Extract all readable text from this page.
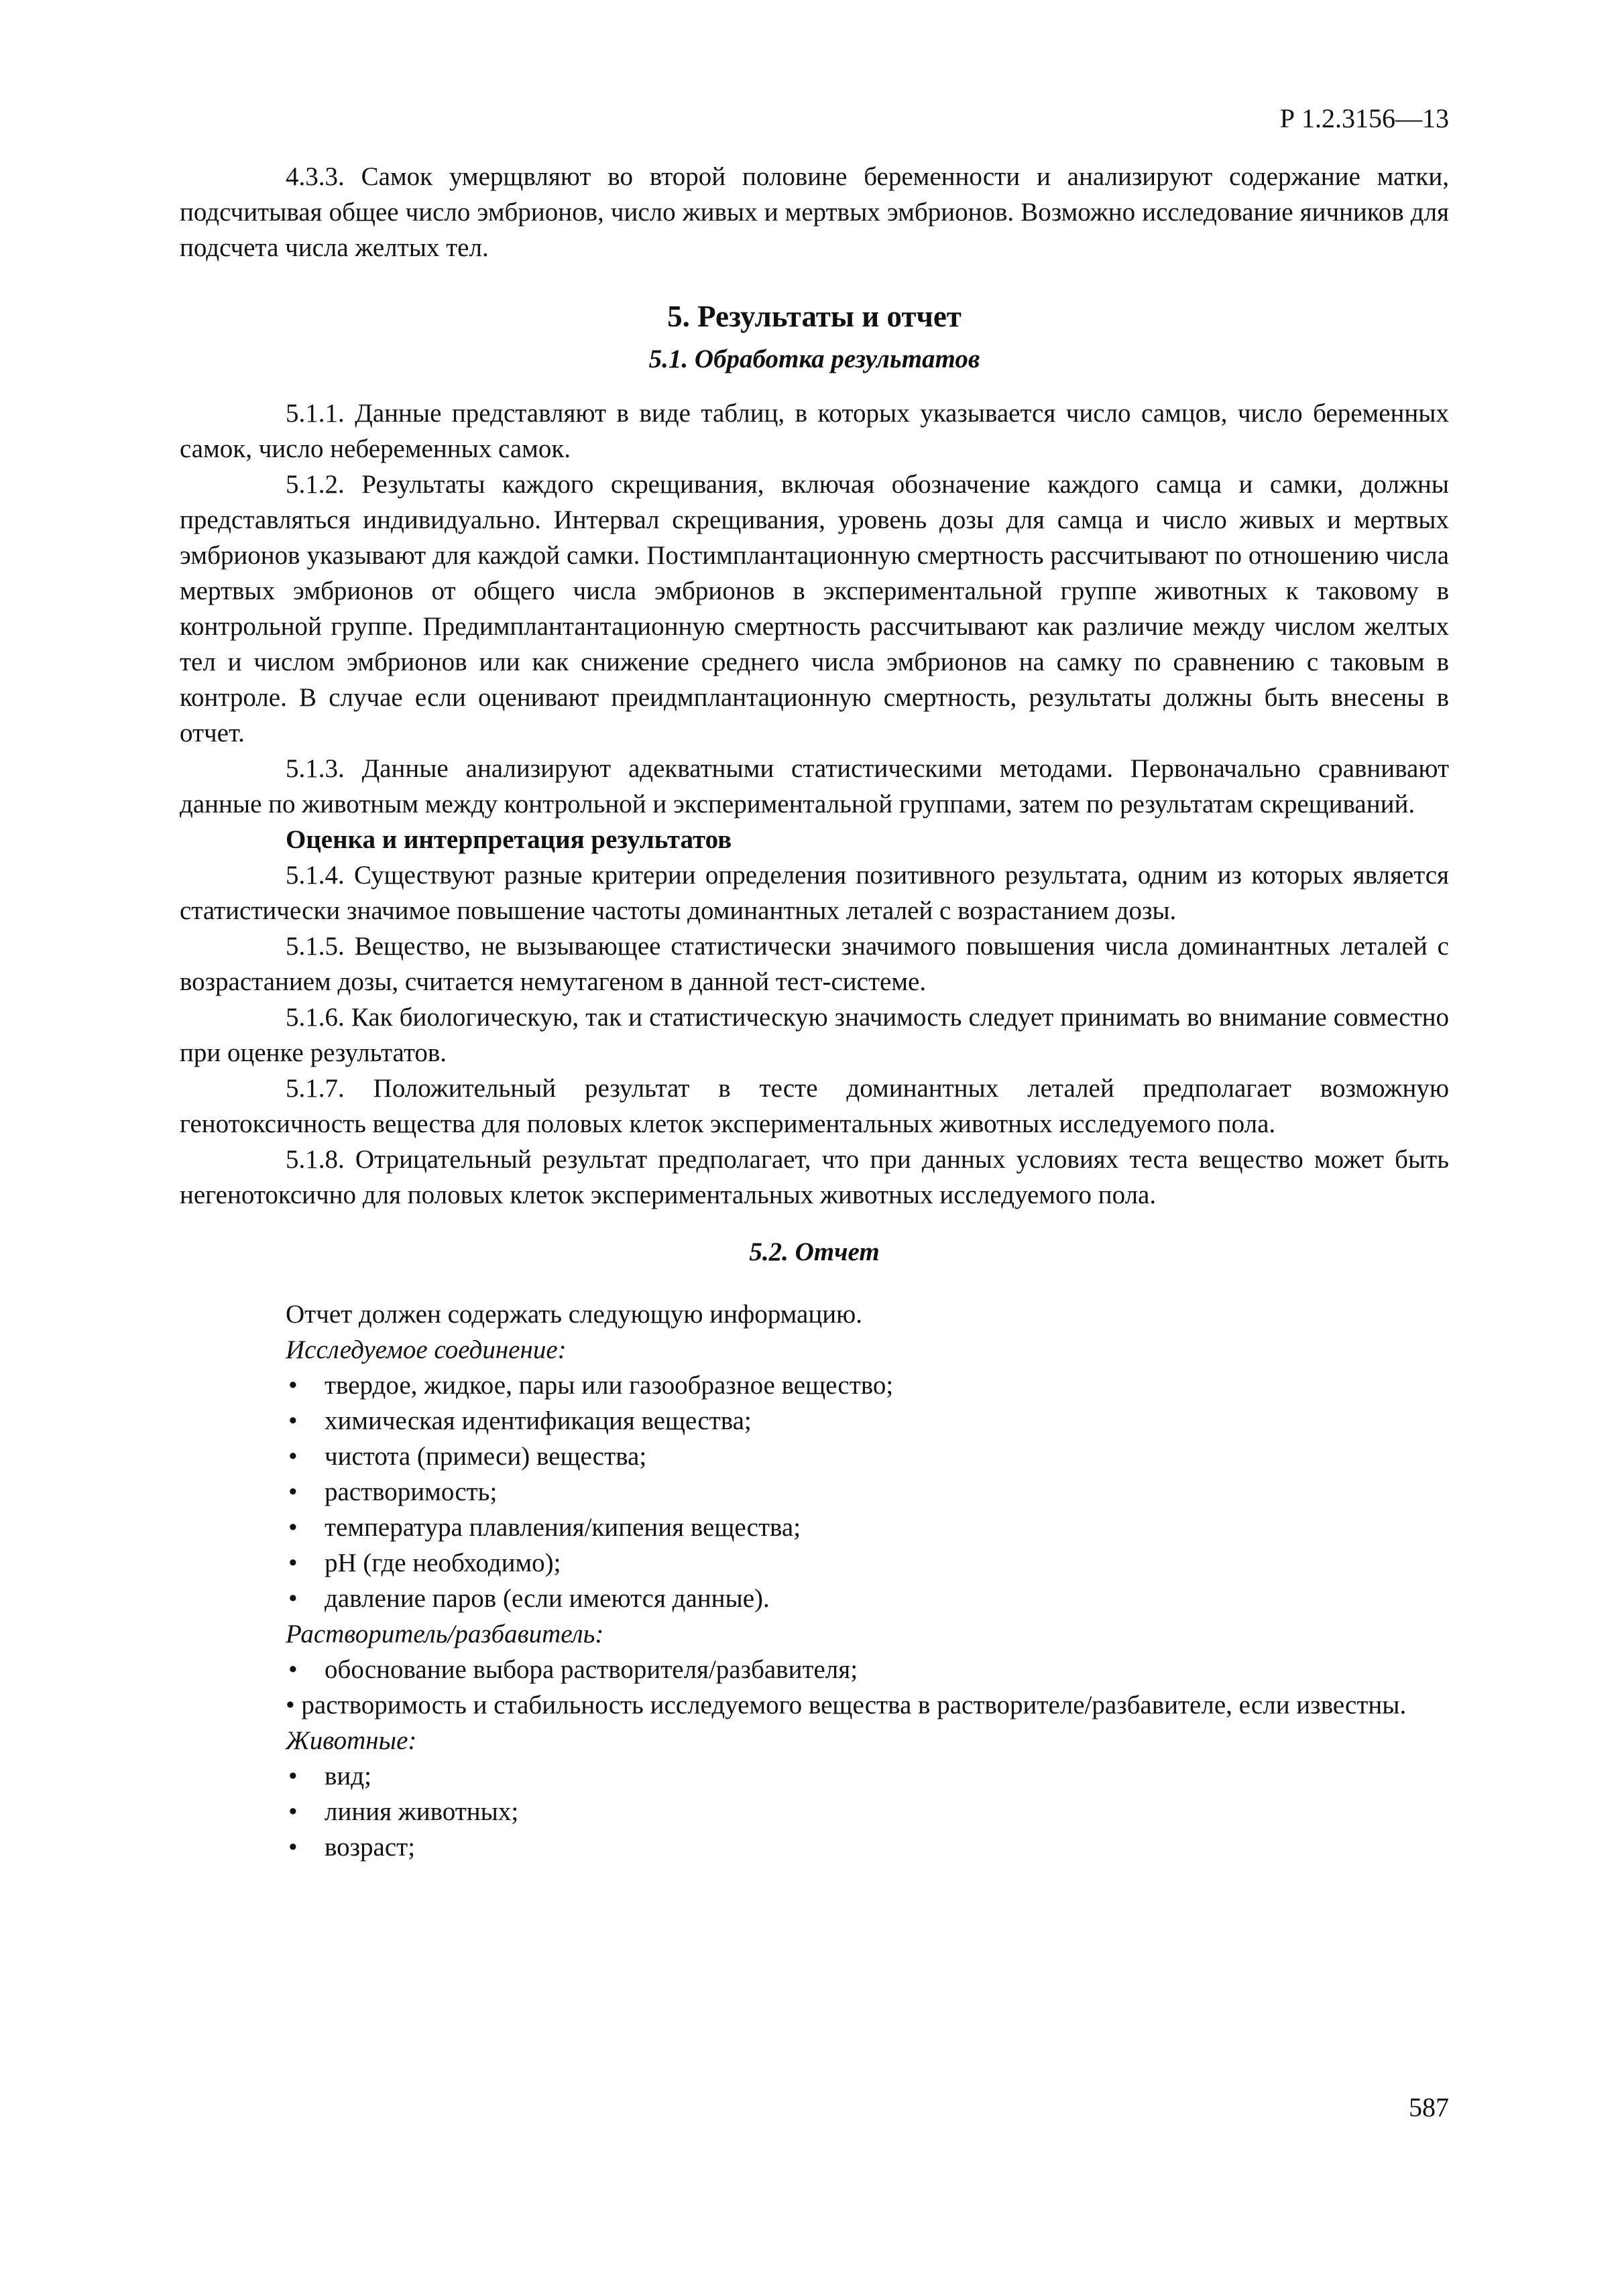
Р 1.2.3156—13

4.3.3. Самок умерщвляют во второй половине беременности и анализируют содержание матки, подсчитывая общее число эмбрионов, число живых и мертвых эмбрионов. Возможно исследование яичников для подсчета числа желтых тел.

5. Результаты и отчет
5.1. Обработка результатов

5.1.1. Данные представляют в виде таблиц, в которых указывается число самцов, число беременных самок, число небеременных самок.

5.1.2. Результаты каждого скрещивания, включая обозначение каждого самца и самки, должны представляться индивидуально. Интервал скрещивания, уровень дозы для самца и число живых и мертвых эмбрионов указывают для каждой самки. Постимплантационную смертность рассчитывают по отношению числа мертвых эмбрионов от общего числа эмбрионов в экспериментальной группе животных к таковому в контрольной группе. Предимплантантационную смертность рассчитывают как различие между числом желтых тел и числом эмбрионов или как снижение среднего числа эмбрионов на самку по сравнению с таковым в контроле. В случае если оценивают преидмплантационную смертность, результаты должны быть внесены в отчет.

5.1.3. Данные анализируют адекватными статистическими методами. Первоначально сравнивают данные по животным между контрольной и экспериментальной группами, затем по результатам скрещиваний.

Оценка и интерпретация результатов

5.1.4. Существуют разные критерии определения позитивного результата, одним из которых является статистически значимое повышение частоты доминантных леталей с возрастанием дозы.

5.1.5. Вещество, не вызывающее статистически значимого повышения числа доминантных леталей с возрастанием дозы, считается немутагеном в данной тест-системе.

5.1.6. Как биологическую, так и статистическую значимость следует принимать во внимание совместно при оценке результатов.

5.1.7. Положительный результат в тесте доминантных леталей предполагает возможную генотоксичность вещества для половых клеток экспериментальных животных исследуемого пола.

5.1.8. Отрицательный результат предполагает, что при данных условиях теста вещество может быть негенотоксично для половых клеток экспериментальных животных исследуемого пола.

5.2. Отчет
Отчет должен содержать следующую информацию.
Исследуемое соединение:
• твердое, жидкое, пары или газообразное вещество;
• химическая идентификация вещества;
• чистота (примеси) вещества;
• растворимость;
• температура плавления/кипения вещества;
• pH (где необходимо);
• давление паров (если имеются данные).
Растворитель/разбавитель:
• обоснование выбора растворителя/разбавителя;

• растворимость и стабильность исследуемого вещества в растворителе/разбавителе, если известны.

Животные:
• вид;
• линия животных;
• возраст;
587
